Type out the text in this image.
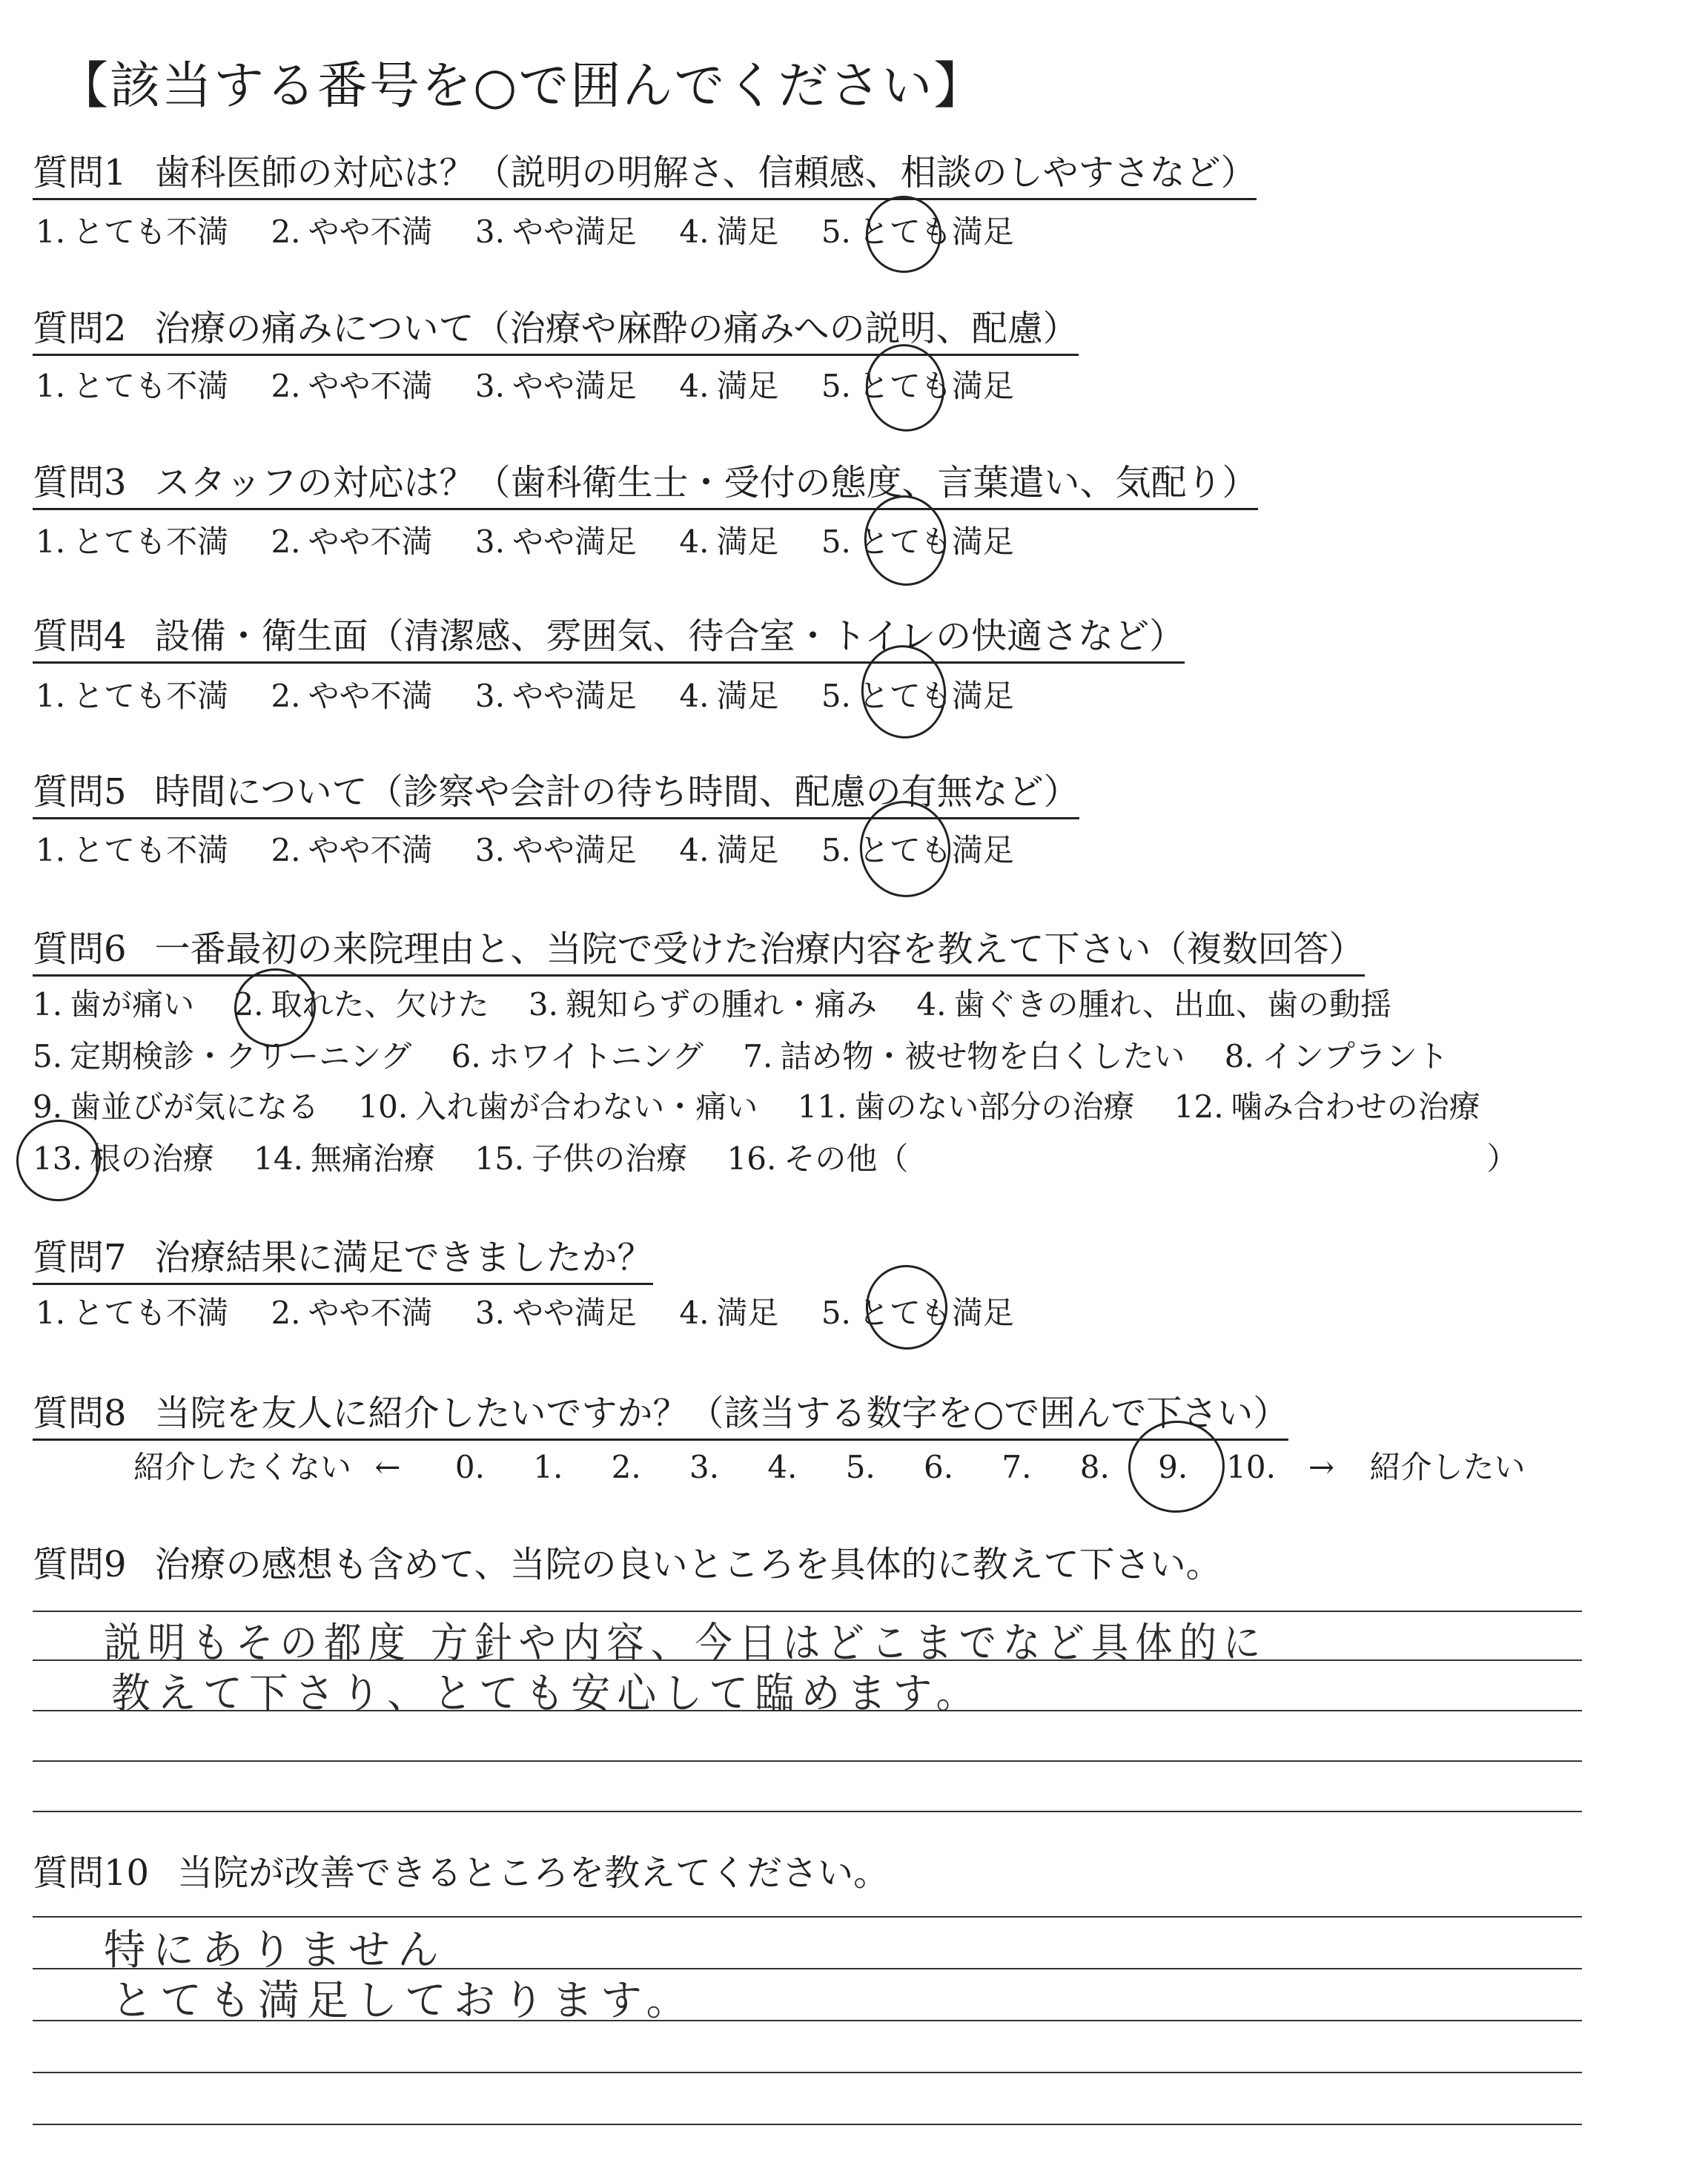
【該当する番号を○で囲んでください】
質問1 歯科医師の対応は？（説明の明解さ、信頼感、相談のしやすさなど）
1. とても不満 2. やや不満 3. やや満足 4. 満足 5. とても満足
質問2 治療の痛みについて（治療や麻酔の痛みへの説明、配慮）
1. とても不満 2. やや不満 3. やや満足 4. 満足 5. とても満足
質問3 スタッフの対応は？（歯科衛生士・受付の態度、言葉遣い、気配り）
1. とても不満 2. やや不満 3. やや満足 4. 満足 5. とても満足
質問4 設備・衛生面（清潔感、雰囲気、待合室・トイレの快適さなど）
1. とても不満 2. やや不満 3. やや満足 4. 満足 5. とても満足
質問5 時間について（診察や会計の待ち時間、配慮の有無など）
1. とても不満 2. やや不満 3. やや満足 4. 満足 5. とても満足
質問6 一番最初の来院理由と、当院で受けた治療内容を教えて下さい（複数回答）
1. 歯が痛い 2. 取れた、欠けた 3. 親知らずの腫れ・痛み 4. 歯ぐきの腫れ、出血、歯の動揺
5. 定期検診・クリーニング 6. ホワイトニング 7. 詰め物・被せ物を白くしたい 8. インプラント
9. 歯並びが気になる 10. 入れ歯が合わない・痛い 11. 歯のない部分の治療 12. 噛み合わせの治療
13. 根の治療 14. 無痛治療 15. 子供の治療 16. その他（	）
質問7 治療結果に満足できましたか？
1. とても不満 2. やや不満 3. やや満足 4. 満足 5. とても満足
質問8 当院を友人に紹介したいですか？（該当する数字を○で囲んで下さい）
紹介したくない ← 0. 1. 2. 3. 4. 5. 6. 7. 8. 9. 10. → 紹介したい
質問9 治療の感想も含めて、当院の良いところを具体的に教えて下さい。
説明もその都度 方針や内容、今日はどこまでなど具体的に
教えて下さり、とても安心して臨めます。
質問10 当院が改善できるところを教えてください。
特にありません
とても満足しております。
